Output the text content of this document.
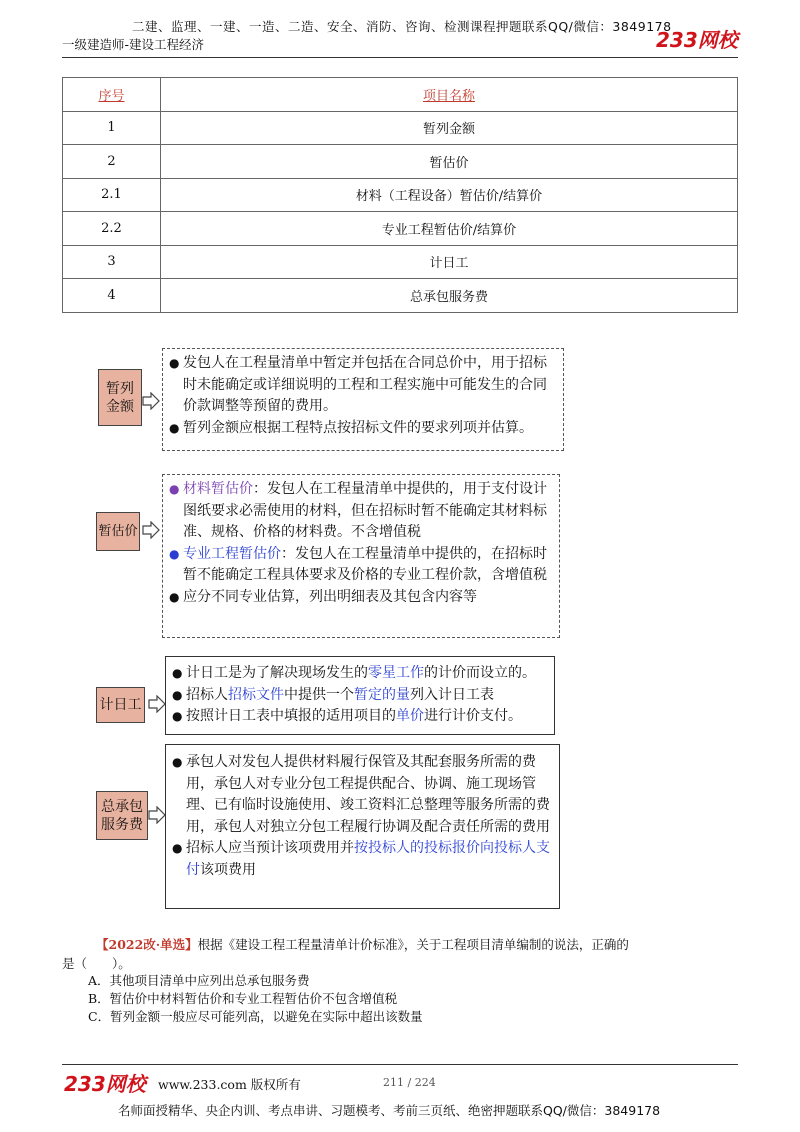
二建、监理、一建、一造、二造、安全、消防、咨询、检测课程押题联系QQ/微信：3849178
一级建造师-建设工程经济	233网校
序号	项目名称
1	暂列金额
2	暂估价
2.1	材料（工程设备）暂估价/结算价
2.2	专业工程暂估价/结算价
3	计日工
4	总承包服务费
暂列
金额
● 发包人在工程量清单中暂定并包括在合同总价中，用于招标时未能确定或详细说明的工程和工程实施中可能发生的合同价款调整等预留的费用。
● 暂列金额应根据工程特点按招标文件的要求列项并估算。
暂估价
● 材料暂估价：发包人在工程量清单中提供的，用于支付设计图纸要求必需使用的材料，但在招标时暂不能确定其材料标准、规格、价格的材料费。不含增值税
● 专业工程暂估价：发包人在工程量清单中提供的，在招标时暂不能确定工程具体要求及价格的专业工程价款，含增值税
● 应分不同专业估算，列出明细表及其包含内容等
计日工
● 计日工是为了解决现场发生的零星工作的计价而设立的。
● 招标人招标文件中提供一个暂定的量列入计日工表
● 按照计日工表中填报的适用项目的单价进行计价支付。
总承包
服务费
● 承包人对发包人提供材料履行保管及其配套服务所需的费用，承包人对专业分包工程提供配合、协调、施工现场管理、已有临时设施使用、竣工资料汇总整理等服务所需的费用，承包人对独立分包工程履行协调及配合责任所需的费用
● 招标人应当预计该项费用并按投标人的投标报价向投标人支付该项费用
【2022改·单选】根据《建设工程工程量清单计价标准》，关于工程项目清单编制的说法，正确的
是（　　）。
A．其他项目清单中应列出总承包服务费
B．暂估价中材料暂估价和专业工程暂估价不包含增值税
C．暂列金额一般应尽可能列高，以避免在实际中超出该数量
233网校 www.233.com 版权所有	211 / 224
名师面授精华、央企内训、考点串讲、习题模考、考前三页纸、绝密押题联系QQ/微信：3849178
